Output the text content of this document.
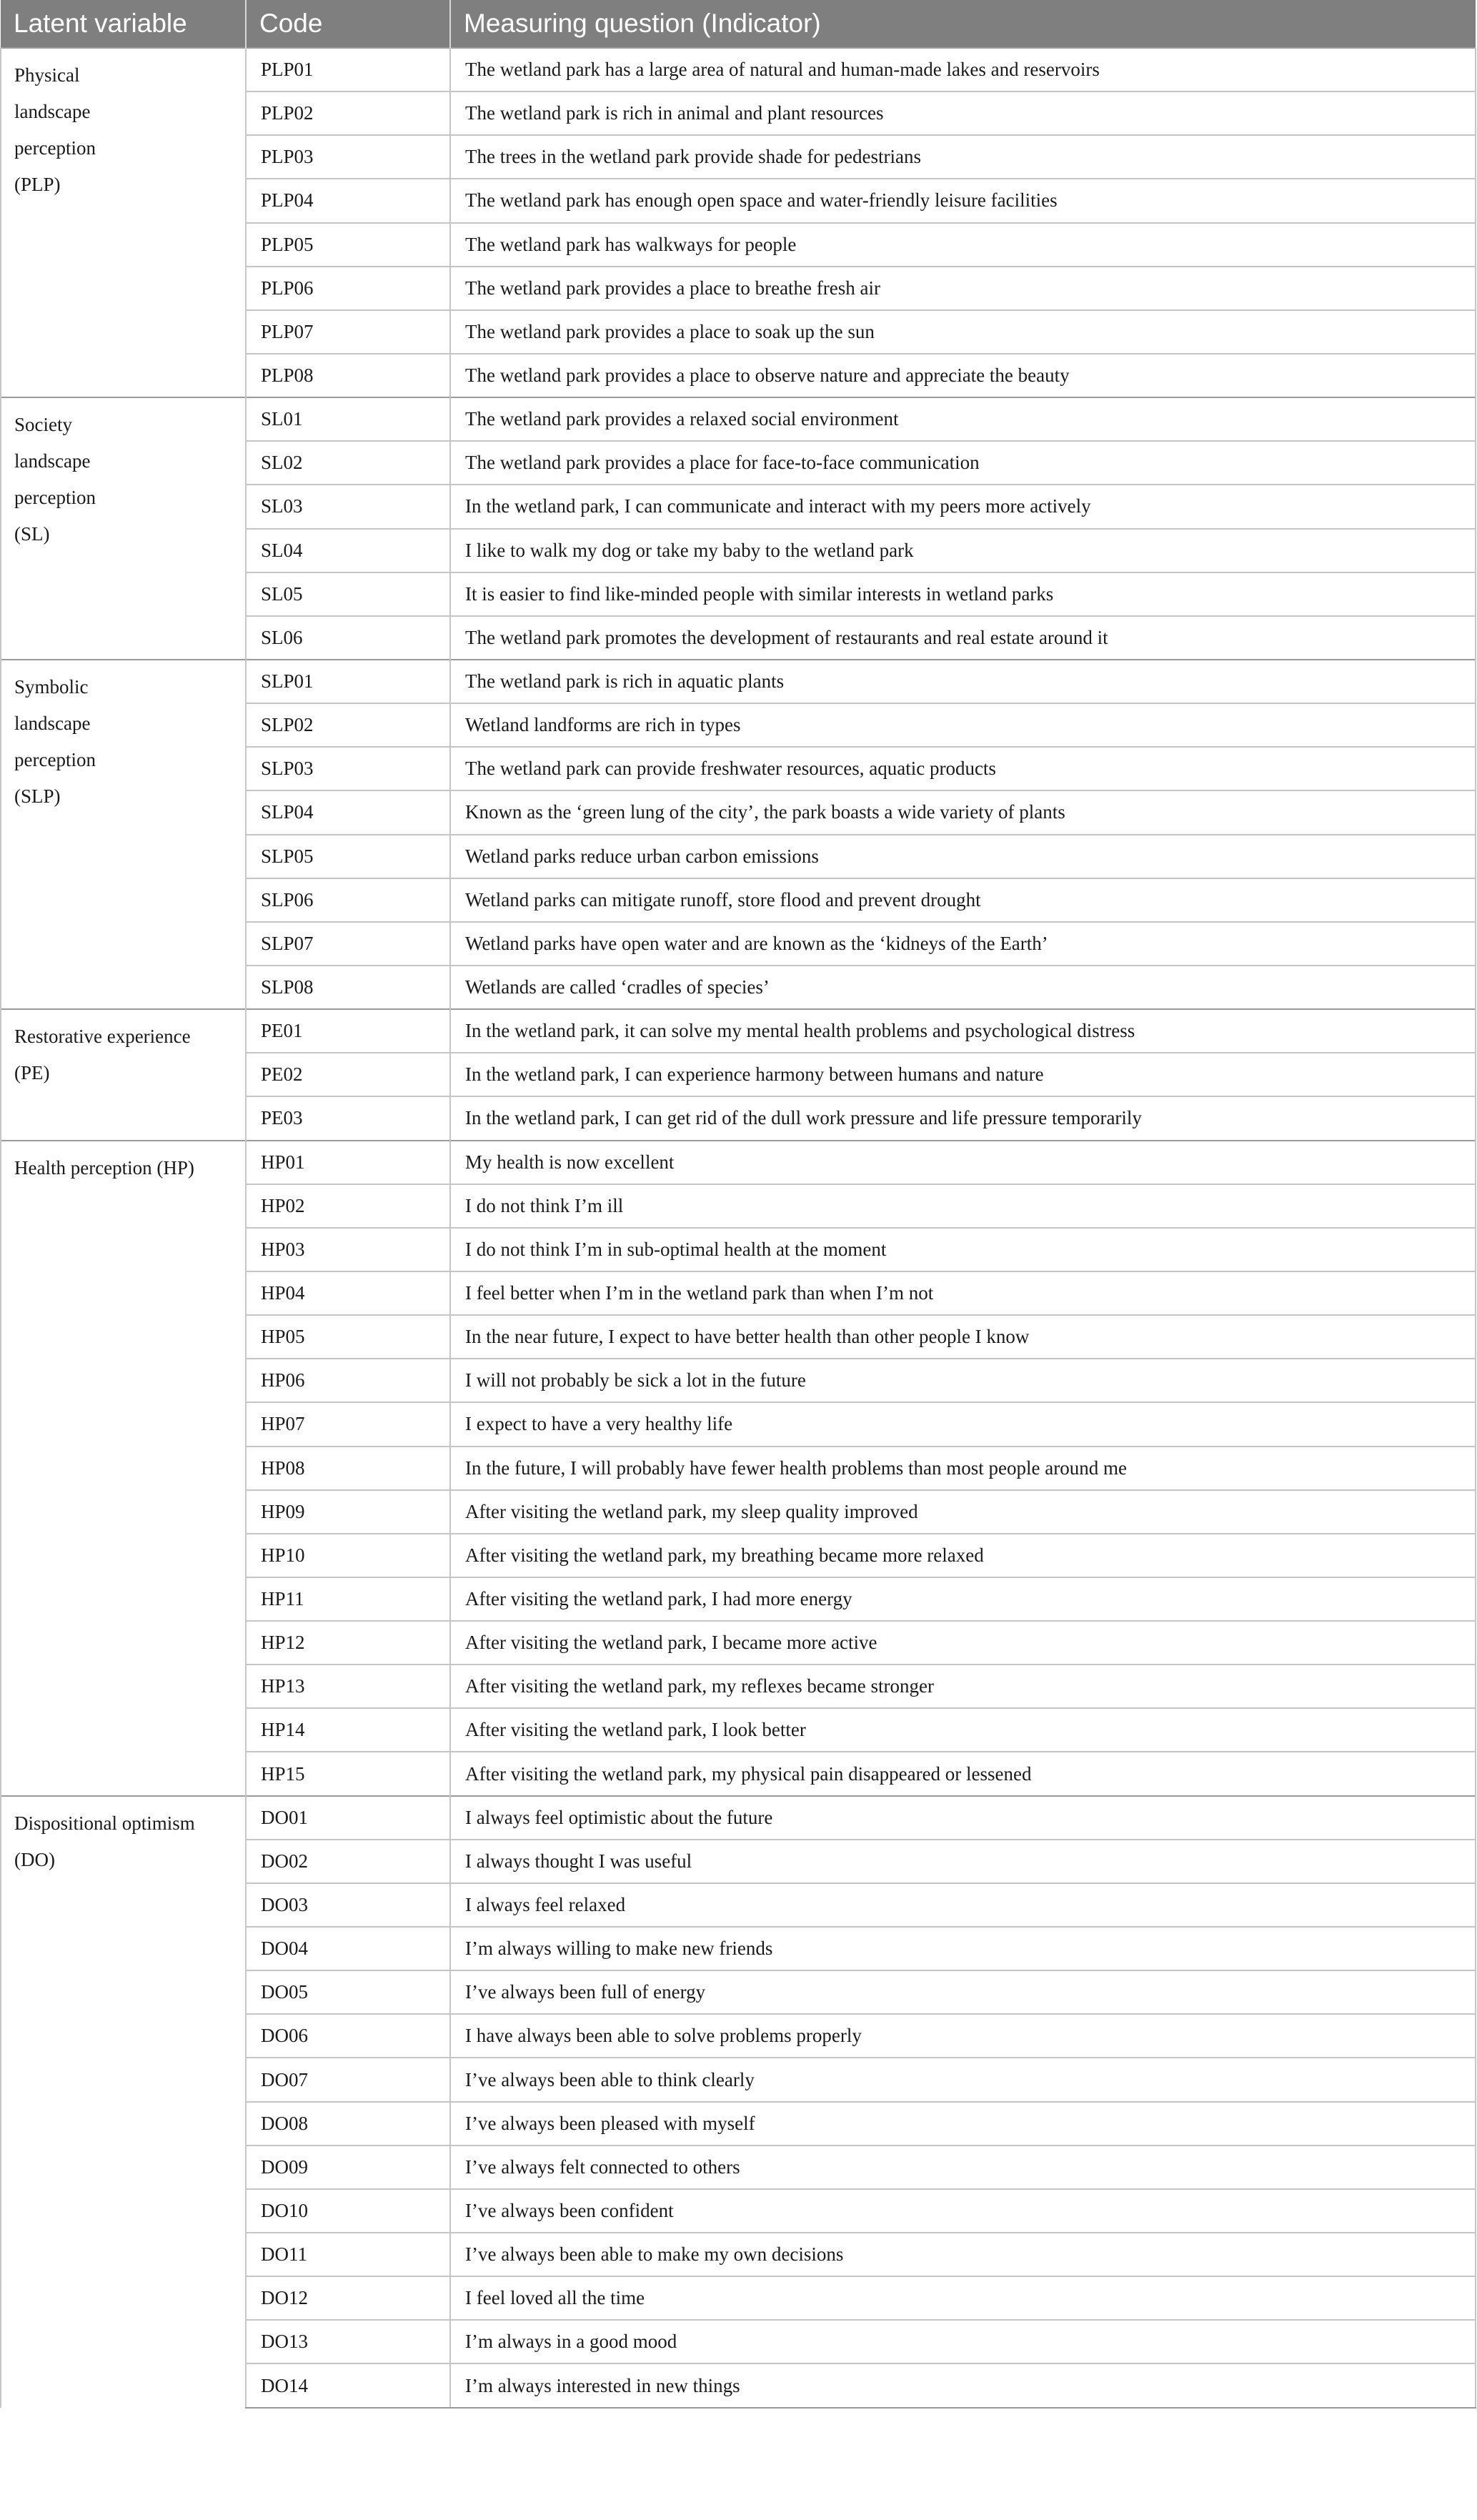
Latent variable	Code	Measuring question (Indicator)

Physical
landscape
perception
(PLP)	PLP01	The wetland park has a large area of natural and human-made lakes and reservoirs
	PLP02	The wetland park is rich in animal and plant resources
	PLP03	The trees in the wetland park provide shade for pedestrians
	PLP04	The wetland park has enough open space and water-friendly leisure facilities
	PLP05	The wetland park has walkways for people
	PLP06	The wetland park provides a place to breathe fresh air
	PLP07	The wetland park provides a place to soak up the sun
	PLP08	The wetland park provides a place to observe nature and appreciate the beauty

Society
landscape
perception
(SL)	SL01	The wetland park provides a relaxed social environment
	SL02	The wetland park provides a place for face-to-face communication
	SL03	In the wetland park, I can communicate and interact with my peers more actively
	SL04	I like to walk my dog or take my baby to the wetland park
	SL05	It is easier to find like-minded people with similar interests in wetland parks
	SL06	The wetland park promotes the development of restaurants and real estate around it

Symbolic
landscape
perception
(SLP)	SLP01	The wetland park is rich in aquatic plants
	SLP02	Wetland landforms are rich in types
	SLP03	The wetland park can provide freshwater resources, aquatic products
	SLP04	Known as the ‘green lung of the city’, the park boasts a wide variety of plants
	SLP05	Wetland parks reduce urban carbon emissions
	SLP06	Wetland parks can mitigate runoff, store flood and prevent drought
	SLP07	Wetland parks have open water and are known as the ‘kidneys of the Earth’
	SLP08	Wetlands are called ‘cradles of species’

Restorative experience
(PE)	PE01	In the wetland park, it can solve my mental health problems and psychological distress
	PE02	In the wetland park, I can experience harmony between humans and nature
	PE03	In the wetland park, I can get rid of the dull work pressure and life pressure temporarily

Health perception (HP)	HP01	My health is now excellent
	HP02	I do not think I’m ill
	HP03	I do not think I’m in sub-optimal health at the moment
	HP04	I feel better when I’m in the wetland park than when I’m not
	HP05	In the near future, I expect to have better health than other people I know
	HP06	I will not probably be sick a lot in the future
	HP07	I expect to have a very healthy life
	HP08	In the future, I will probably have fewer health problems than most people around me
	HP09	After visiting the wetland park, my sleep quality improved
	HP10	After visiting the wetland park, my breathing became more relaxed
	HP11	After visiting the wetland park, I had more energy
	HP12	After visiting the wetland park, I became more active
	HP13	After visiting the wetland park, my reflexes became stronger
	HP14	After visiting the wetland park, I look better
	HP15	After visiting the wetland park, my physical pain disappeared or lessened

Dispositional optimism
(DO)	DO01	I always feel optimistic about the future
	DO02	I always thought I was useful
	DO03	I always feel relaxed
	DO04	I’m always willing to make new friends
	DO05	I’ve always been full of energy
	DO06	I have always been able to solve problems properly
	DO07	I’ve always been able to think clearly
	DO08	I’ve always been pleased with myself
	DO09	I’ve always felt connected to others
	DO10	I’ve always been confident
	DO11	I’ve always been able to make my own decisions
	DO12	I feel loved all the time
	DO13	I’m always in a good mood
	DO14	I’m always interested in new things
